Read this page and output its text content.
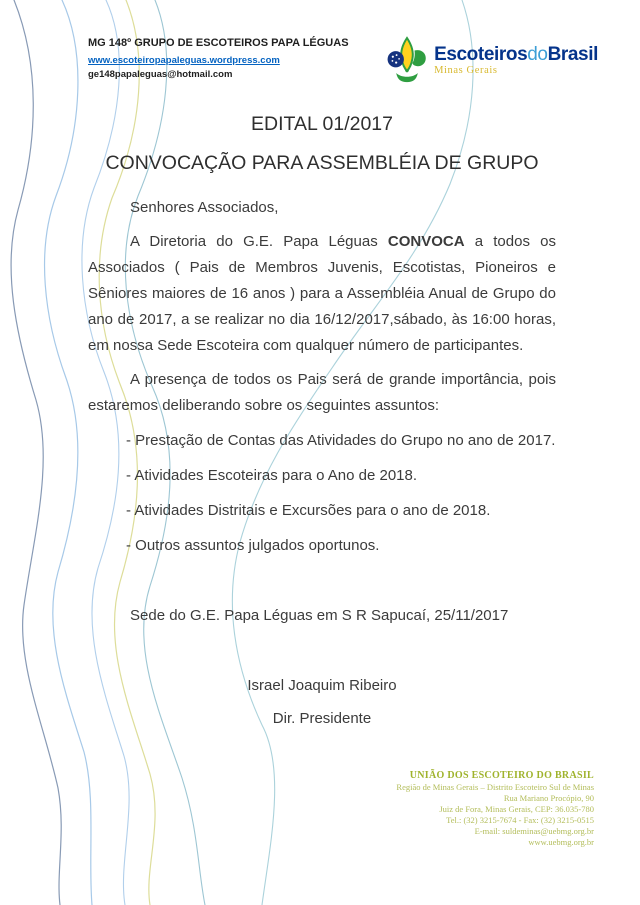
MG 148º GRUPO DE ESCOTEIROS PAPA LÉGUAS
www.escoteiropapaleguas.wordpress.com
ge148papaleguas@hotmail.com
Escoteiros do Brasil
Minas Gerais
EDITAL 01/2017
CONVOCAÇÃO PARA ASSEMBLÉIA DE GRUPO
Senhores Associados,
A Diretoria do G.E. Papa Léguas CONVOCA a todos os Associados ( Pais de Membros Juvenis, Escotistas, Pioneiros e Sêniores maiores de 16 anos ) para a Assembléia Anual de Grupo do ano de 2017, a se realizar no dia 16/12/2017,sábado, às 16:00 horas, em nossa Sede Escoteira com qualquer número de participantes.
A presença de todos os Pais será de grande importância, pois estaremos deliberando sobre os seguintes assuntos:
- Prestação de Contas das Atividades do Grupo no ano de 2017.
- Atividades Escoteiras para o Ano de 2018.
- Atividades Distritais e Excursões para o ano de 2018.
- Outros assuntos julgados oportunos.
Sede do G.E. Papa Léguas em S R Sapucaí, 25/11/2017
Israel Joaquim Ribeiro
Dir. Presidente
UNIÃO DOS ESCOTEIRO DO BRASIL
Região de Minas Gerais – Distrito Escoteiro Sul de Minas
Rua Mariano Procópio, 90
Juiz de Fora, Minas Gerais, CEP: 36.035-780
Tel.: (32) 3215-7674 - Fax: (32) 3215-0515
E-mail: suldeminas@uebmg.org.br
www.uebmg.org.br
